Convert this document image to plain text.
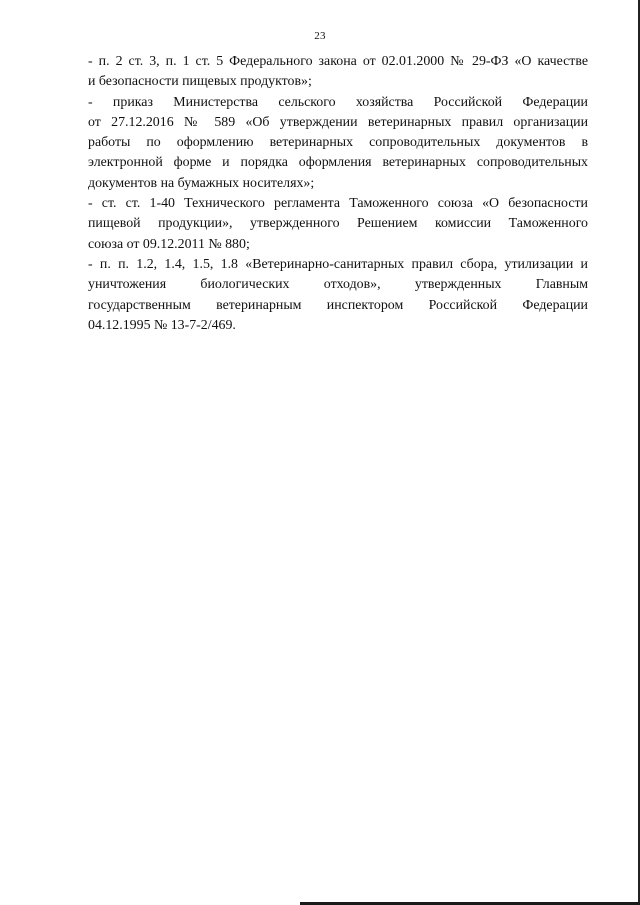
23

- п. 2 ст. 3, п. 1 ст. 5 Федерального закона от 02.01.2000 № 29-ФЗ «О качестве
и безопасности пищевых продуктов»;

- приказ Министерства сельского хозяйства Российской Федерации
от 27.12.2016 № 589 «Об утверждении ветеринарных правил организации
работы по оформлению ветеринарных сопроводительных документов в
электронной форме и порядка оформления ветеринарных сопроводительных
документов на бумажных носителях»;

- ст. ст. 1-40 Технического регламента Таможенного союза «О безопасности
пищевой продукции», утвержденного Решением комиссии Таможенного
союза от 09.12.2011 № 880;

- п. п. 1.2, 1.4, 1.5, 1.8 «Ветеринарно-санитарных правил сбора, утилизации и
уничтожения биологических отходов», утвержденных Главным
государственным ветеринарным инспектором Российской Федерации
04.12.1995 № 13-7-2/469.
